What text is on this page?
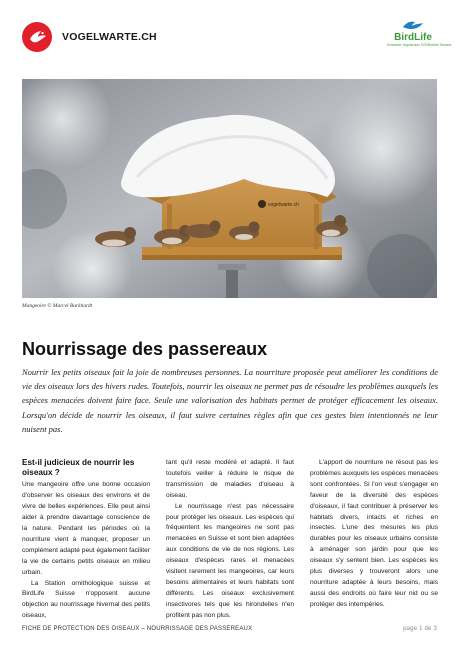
VOGELWARTE.CH	BirdLife
Schweizer Vogelschutz SVS/BirdLife Schweiz
vogelwarte.ch
Mangeoire © Marcel Burkhardt
Nourrissage des passereaux

Nourrir les petits oiseaux fait la joie de nombreuses personnes. La nourriture proposée peut améliorer les conditions de vie des oiseaux lors des hivers rudes. Toutefois, nourrir les oiseaux ne permet pas de résoudre les problèmes auxquels les espèces menacées doivent faire face. Seule une valorisation des habitats permet de protéger efficacement les oiseaux. Lorsqu'on décide de nourrir les oiseaux, il faut suivre certaines règles afin que ces gestes bien intentionnés ne leur nuisent pas.

Est-il judicieux de nourrir les oiseaux ?

Une mangeoire offre une bonne occasion d'observer les oiseaux des environs et de vivre de belles expériences. Elle peut ainsi aider à prendre davantage conscience de la nature. Pendant les périodes où la nourriture vient à manquer, proposer un complément adapté peut également faciliter la vie de certains petits oiseaux en milieu urbain.

La Station ornithologique suisse et BirdLife Suisse n'opposent aucune objection au nourrissage hivernal des petits oiseaux,

tant qu'il reste modéré et adapté. Il faut toutefois veiller à réduire le risque de transmission de maladies d'oiseau à oiseau.

Le nourrissage n'est pas nécessaire pour protéger les oiseaux. Les espèces qui fréquentent les mangeoires ne sont pas menacées en Suisse et sont bien adaptées aux conditions de vie de nos régions. Les oiseaux d'espèces rares et menacées visitent rarement les mangeoires, car leurs besoins alimentaires et leurs habitats sont différents. Les oiseaux exclusivement insectivores tels que les hirondelles n'en profitent pas non plus.

L'apport de nourriture ne résout pas les problèmes auxquels les espèces menacées sont confrontées. Si l'on veut s'engager en faveur de la diversité des espèces d'oiseaux, il faut contribuer à préserver les habitats divers, intacts et riches en insectes. L'une des mesures les plus durables pour les oiseaux urbains consiste à aménager son jardin pour que les oiseaux s'y sentent bien. Les espèces les plus diverses y trouveront alors une nourriture adaptée à leurs besoins, mais aussi des endroits où faire leur nid ou se protéger des intempéries.

FICHE DE PROTECTION DES OISEAUX – NOURRISSAGE DES PASSEREAUX	page 1 de 3
